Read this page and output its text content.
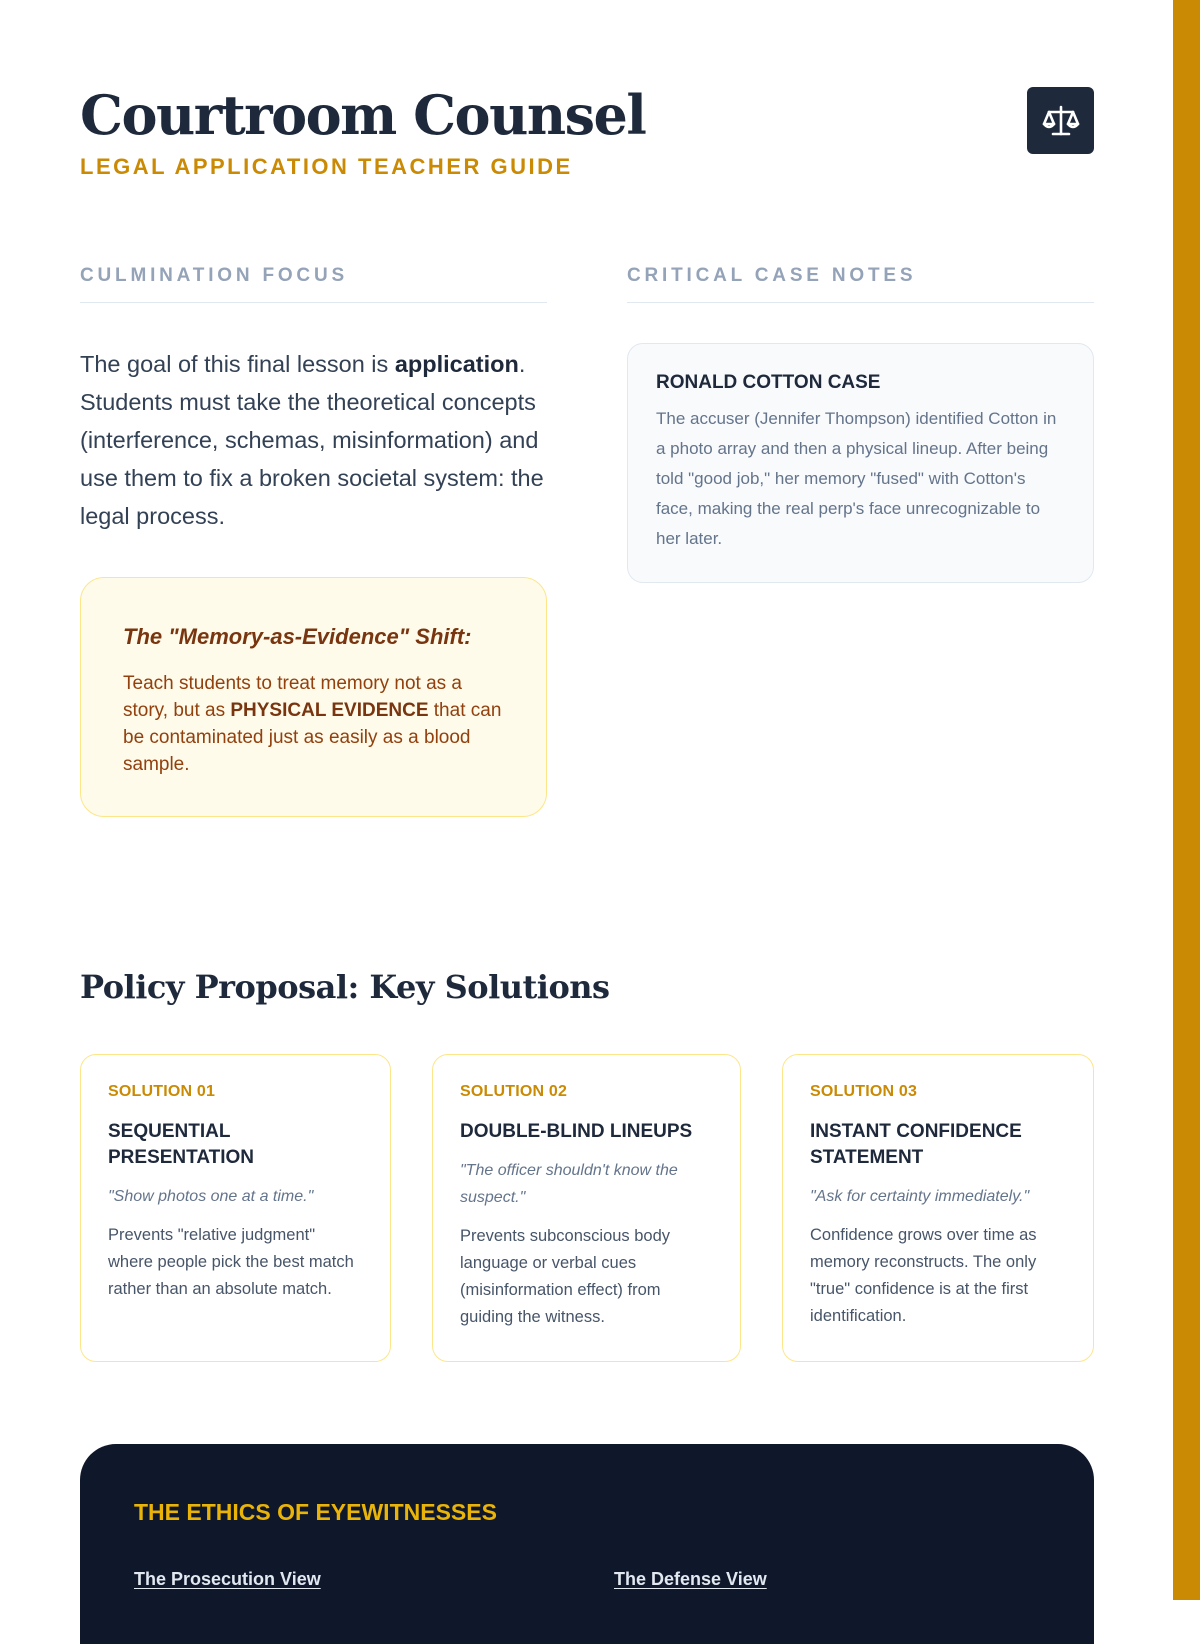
Courtroom Counsel
LEGAL APPLICATION TEACHER GUIDE
CULMINATION FOCUS

The goal of this final lesson is application. Students must take the theoretical concepts (interference, schemas, misinformation) and use them to fix a broken societal system: the legal process.

The "Memory-as-Evidence" Shift:
Teach students to treat memory not as a story, but as PHYSICAL EVIDENCE that can be contaminated just as easily as a blood sample.
CRITICAL CASE NOTES
RONALD COTTON CASE
The accuser (Jennifer Thompson) identified Cotton in a photo array and then a physical lineup. After being told "good job," her memory "fused" with Cotton's face, making the real perp's face unrecognizable to her later.
Policy Proposal: Key Solutions
SOLUTION 01
SEQUENTIAL PRESENTATION
"Show photos one at a time."
Prevents "relative judgment" where people pick the best match rather than an absolute match.
SOLUTION 02
DOUBLE-BLIND LINEUPS
"The officer shouldn't know the suspect."
Prevents subconscious body language or verbal cues (misinformation effect) from guiding the witness.
SOLUTION 03
INSTANT CONFIDENCE STATEMENT
"Ask for certainty immediately."
Confidence grows over time as memory reconstructs. The only "true" confidence is at the first identification.
THE ETHICS OF EYEWITNESSES
The Prosecution View	The Defense View
